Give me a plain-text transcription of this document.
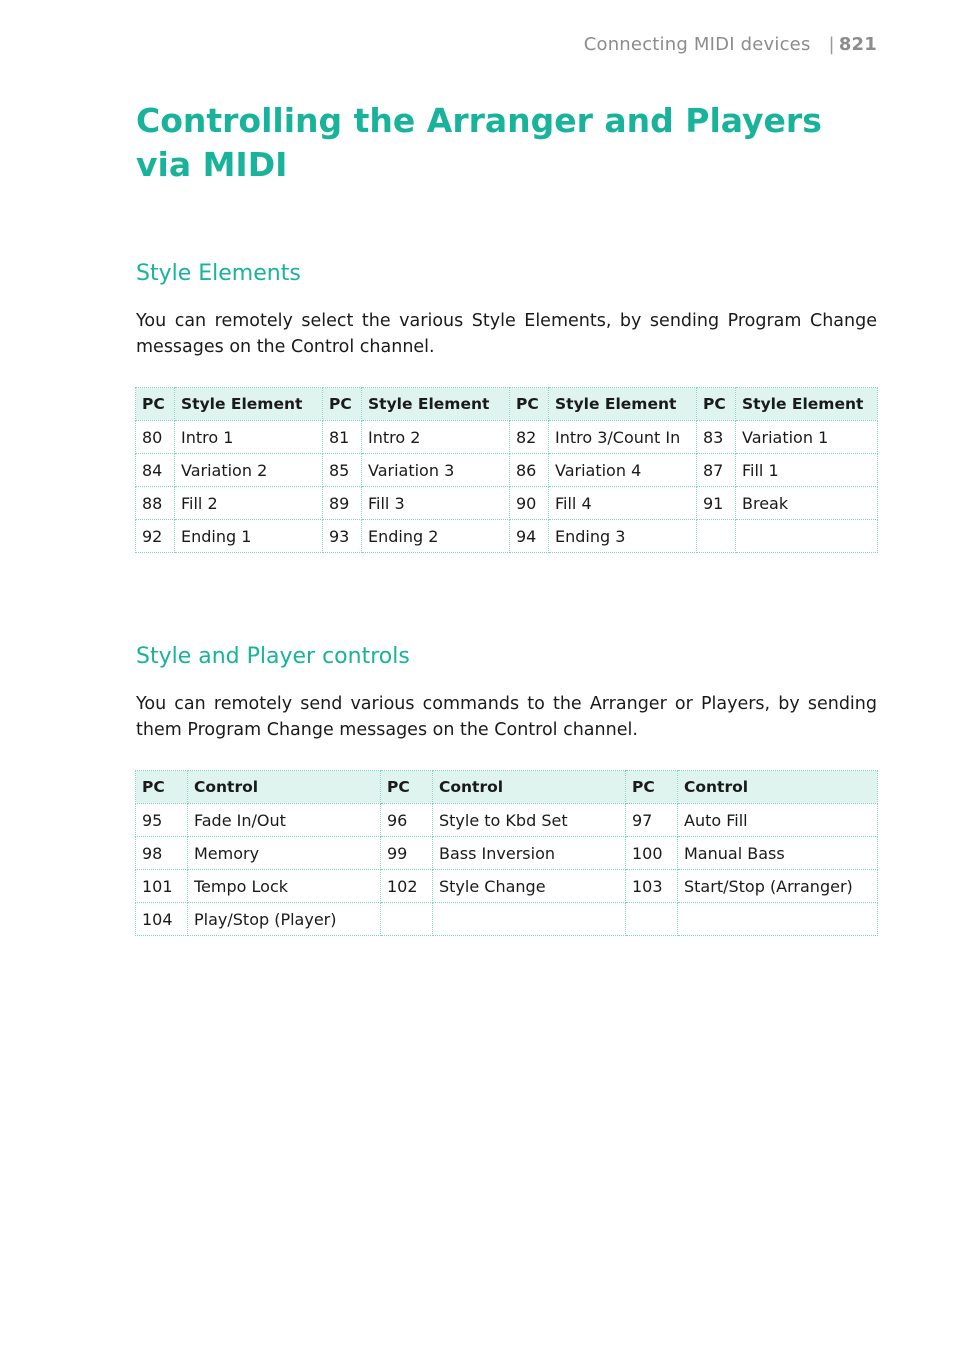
Connecting MIDI devices | 821
Controlling the Arranger and Players via MIDI
Style Elements

You can remotely select the various Style Elements, by sending Program Change messages on the Control channel.

PC	Style Element	PC	Style Element	PC	Style Element	PC	Style Element
80	Intro 1	81	Intro 2	82	Intro 3/Count In	83	Variation 1
84	Variation 2	85	Variation 3	86	Variation 4	87	Fill 1
88	Fill 2	89	Fill 3	90	Fill 4	91	Break
92	Ending 1	93	Ending 2	94	Ending 3		
Style and Player controls

You can remotely send various commands to the Arranger or Players, by sending them Program Change messages on the Control channel.

PC	Control	PC	Control	PC	Control
95	Fade In/Out	96	Style to Kbd Set	97	Auto Fill
98	Memory	99	Bass Inversion	100	Manual Bass
101	Tempo Lock	102	Style Change	103	Start/Stop (Arranger)
104	Play/Stop (Player)				
